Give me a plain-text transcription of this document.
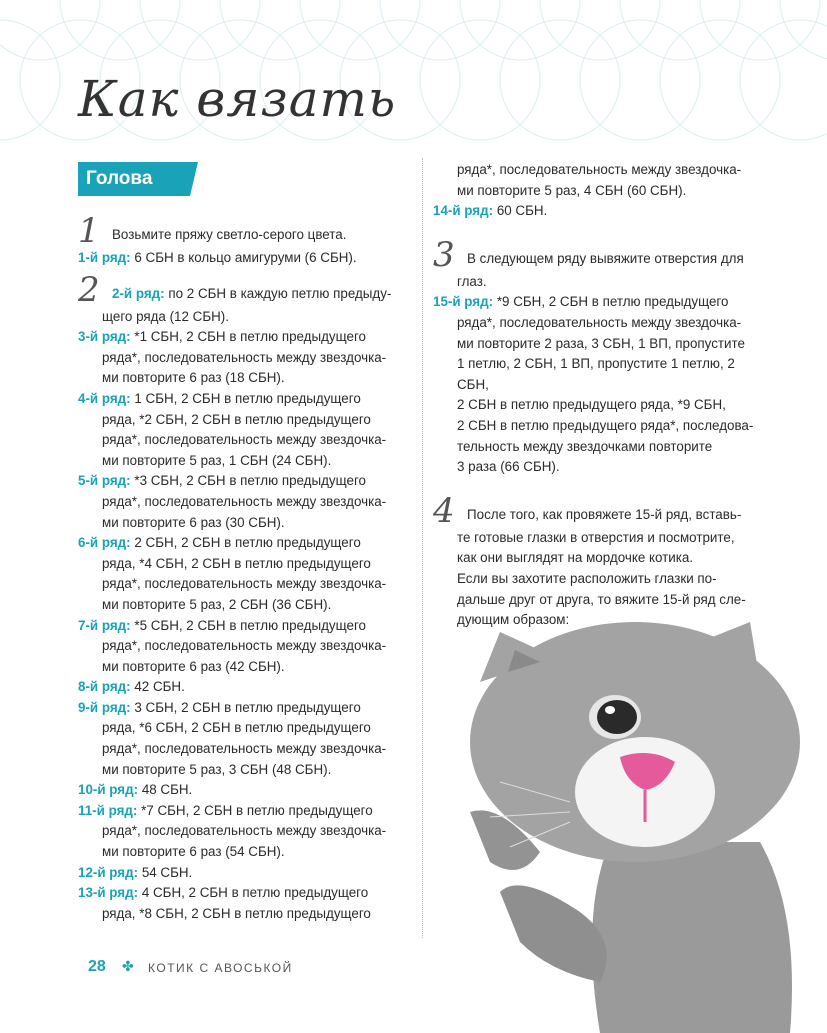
Как вязать
Голова
1 Возьмите пряжу светло-серого цвета.
1-й ряд: 6 СБН в кольцо амигуруми (6 СБН).
2 2-й ряд: по 2 СБН в каждую петлю предыду-
щего ряда (12 СБН).
3-й ряд: *1 СБН, 2 СБН в петлю предыдущего
ряда*, последовательность между звездочка-
ми повторите 6 раз (18 СБН).
4-й ряд: 1 СБН, 2 СБН в петлю предыдущего
ряда, *2 СБН, 2 СБН в петлю предыдущего
ряда*, последовательность между звездочка-
ми повторите 5 раз, 1 СБН (24 СБН).
5-й ряд: *3 СБН, 2 СБН в петлю предыдущего
ряда*, последовательность между звездочка-
ми повторите 6 раз (30 СБН).
6-й ряд: 2 СБН, 2 СБН в петлю предыдущего
ряда, *4 СБН, 2 СБН в петлю предыдущего
ряда*, последовательность между звездочка-
ми повторите 5 раз, 2 СБН (36 СБН).
7-й ряд: *5 СБН, 2 СБН в петлю предыдущего
ряда*, последовательность между звездочка-
ми повторите 6 раз (42 СБН).
8-й ряд: 42 СБН.
9-й ряд: 3 СБН, 2 СБН в петлю предыдущего
ряда, *6 СБН, 2 СБН в петлю предыдущего
ряда*, последовательность между звездочка-
ми повторите 5 раз, 3 СБН (48 СБН).
10-й ряд: 48 СБН.
11-й ряд: *7 СБН, 2 СБН в петлю предыдущего
ряда*, последовательность между звездочка-
ми повторите 6 раз (54 СБН).
12-й ряд: 54 СБН.
13-й ряд: 4 СБН, 2 СБН в петлю предыдущего
ряда, *8 СБН, 2 СБН в петлю предыдущего
ряда*, последовательность между звездочка-
ми повторите 5 раз, 4 СБН (60 СБН).
14-й ряд: 60 СБН.
3 В следующем ряду вывяжите отверстия для
глаз.
15-й ряд: *9 СБН, 2 СБН в петлю предыдущего
ряда*, последовательность между звездочка-
ми повторите 2 раза, 3 СБН, 1 ВП, пропустите
1 петлю, 2 СБН, 1 ВП, пропустите 1 петлю, 2 СБН,
2 СБН в петлю предыдущего ряда, *9 СБН,
2 СБН в петлю предыдущего ряда*, последова-
тельность между звездочками повторите
3 раза (66 СБН).
4 После того, как провяжете 15-й ряд, вставь-
те готовые глазки в отверстия и посмотрите,
как они выглядят на мордочке котика.
Если вы захотите расположить глазки по-
дальше друг от друга, то вяжите 15-й ряд сле-
дующим образом:
28 ✤ КОТИК С АВОСЬКОЙ
